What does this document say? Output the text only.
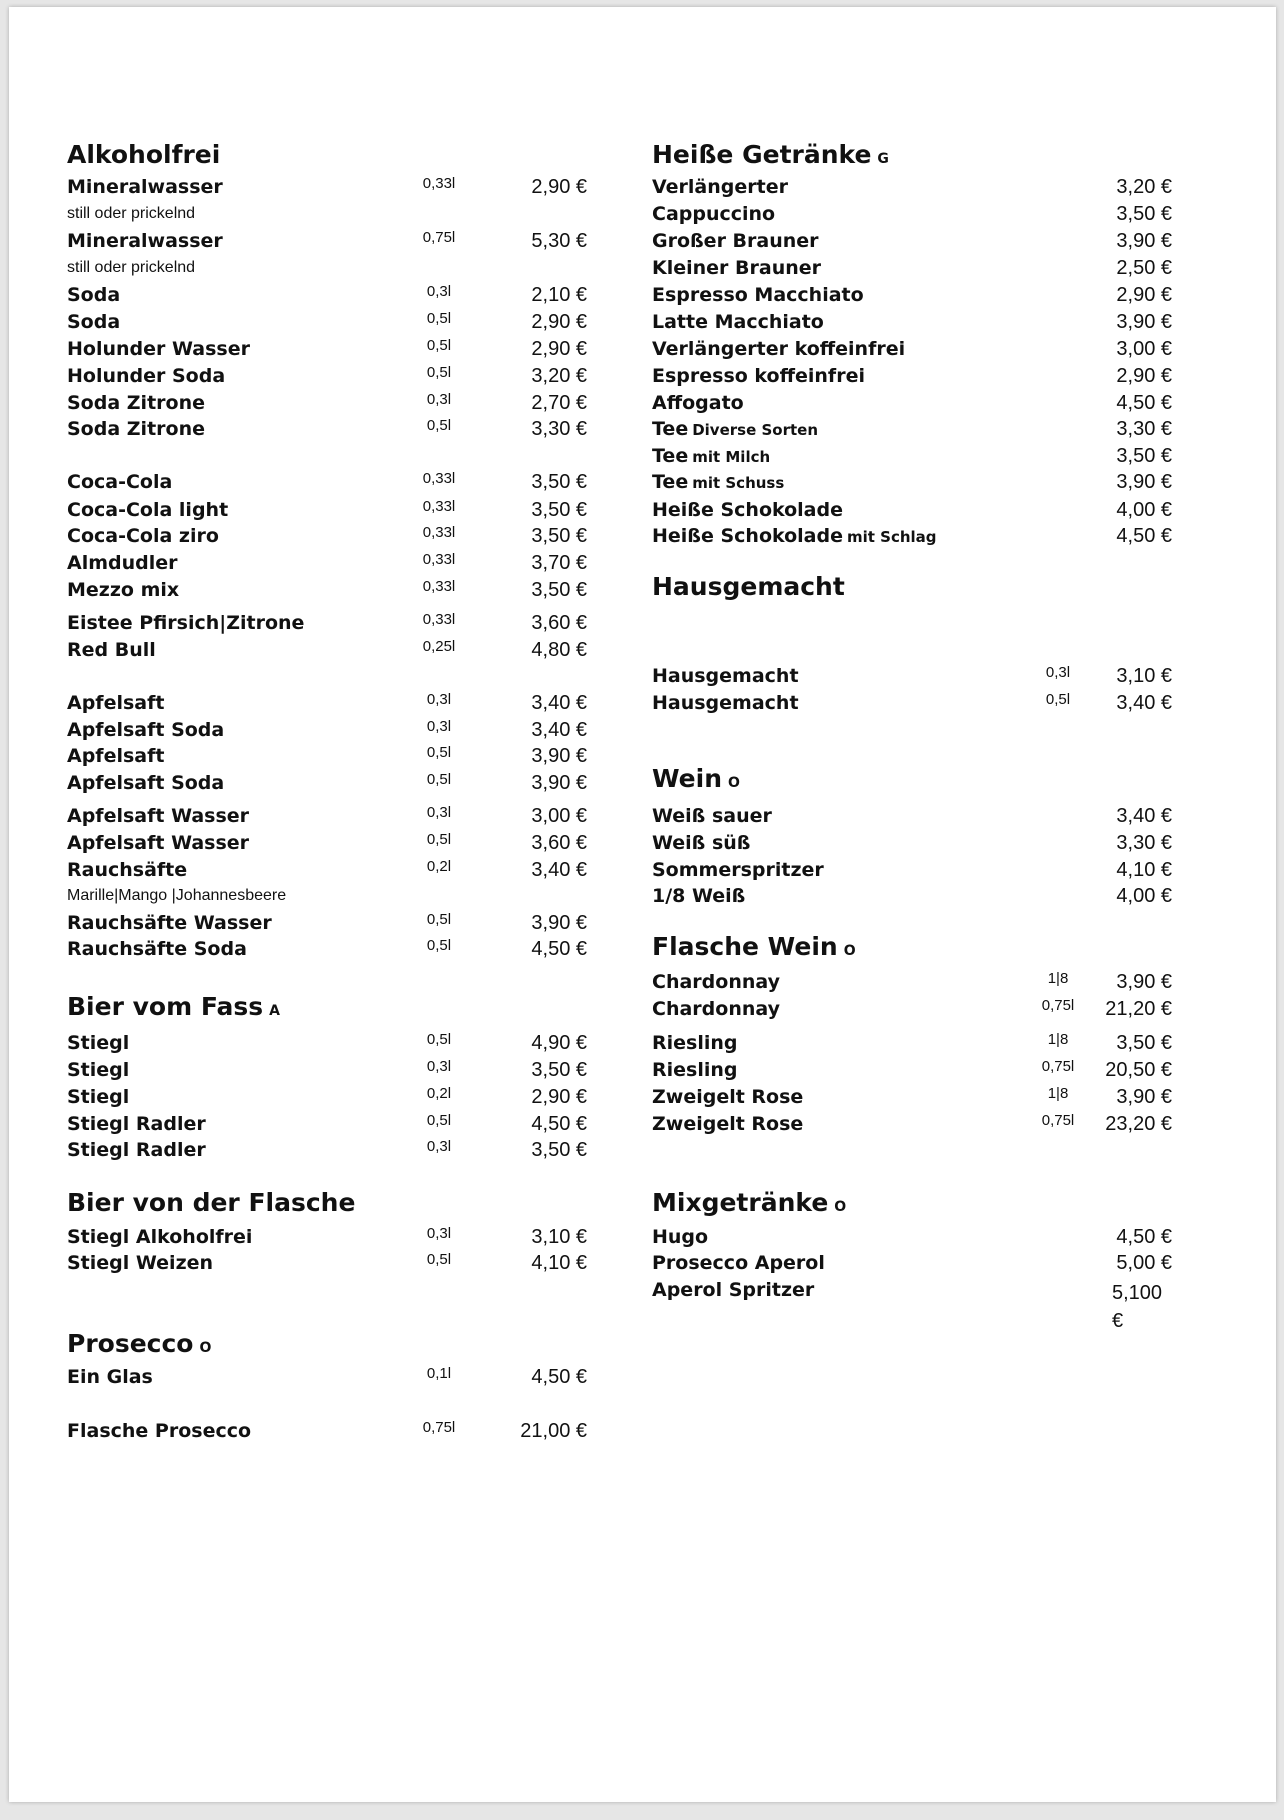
Alkoholfrei
Mineralwasser	0,33l	2,90 €
still oder prickelnd
Mineralwasser	0,75l	5,30 €
still oder prickelnd
Soda	0,3l	2,10 €
Soda	0,5l	2,90 €
Holunder Wasser	0,5l	2,90 €
Holunder Soda	0,5l	3,20 €
Soda Zitrone	0,3l	2,70 €
Soda Zitrone	0,5l	3,30 €
Coca-Cola	0,33l	3,50 €
Coca-Cola light	0,33l	3,50 €
Coca-Cola ziro	0,33l	3,50 €
Almdudler	0,33l	3,70 €
Mezzo mix	0,33l	3,50 €
Eistee Pfirsich|Zitrone	0,33l	3,60 €
Red Bull	0,25l	4,80 €
Apfelsaft	0,3l	3,40 €
Apfelsaft Soda	0,3l	3,40 €
Apfelsaft	0,5l	3,90 €
Apfelsaft Soda	0,5l	3,90 €
Apfelsaft Wasser	0,3l	3,00 €
Apfelsaft Wasser	0,5l	3,60 €
Rauchsäfte	0,2l	3,40 €
Marille|Mango |Johannesbeere
Rauchsäfte Wasser	0,5l	3,90 €
Rauchsäfte Soda	0,5l	4,50 €
Bier vom Fass A
Stiegl	0,5l	4,90 €
Stiegl	0,3l	3,50 €
Stiegl	0,2l	2,90 €
Stiegl Radler	0,5l	4,50 €
Stiegl Radler	0,3l	3,50 €
Bier von der Flasche
Stiegl Alkoholfrei	0,3l	3,10 €
Stiegl Weizen	0,5l	4,10 €
Prosecco O
Ein Glas	0,1l	4,50 €
Flasche Prosecco	0,75l	21,00 €
Heiße Getränke G
Verlängerter	3,20 €
Cappuccino	3,50 €
Großer Brauner	3,90 €
Kleiner Brauner	2,50 €
Espresso Macchiato	2,90 €
Latte Macchiato	3,90 €
Verlängerter koffeinfrei	3,00 €
Espresso koffeinfrei	2,90 €
Affogato	4,50 €
Tee Diverse Sorten	3,30 €
Tee mit Milch	3,50 €
Tee mit Schuss	3,90 €
Heiße Schokolade	4,00 €
Heiße Schokolade mit Schlag	4,50 €
Hausgemacht
Hausgemacht	0,3l 3,10 €
Hausgemacht	0,5l 3,40 €
Wein O
Weiß sauer	3,40 €
Weiß süß	3,30 €
Sommerspritzer	4,10 €
1/8 Weiß	4,00 €
Flasche Wein O
Chardonnay	1|8 3,90 €
Chardonnay	0,75l 21,20 €
Riesling	1|8 3,50 €
Riesling	0,75l 20,50 €
Zweigelt Rose	1|8 3,90 €
Zweigelt Rose	0,75l 23,20 €
Mixgetränke O
Hugo	4,50 €
Prosecco Aperol	5,00 €
Aperol Spritzer	5,100 €
